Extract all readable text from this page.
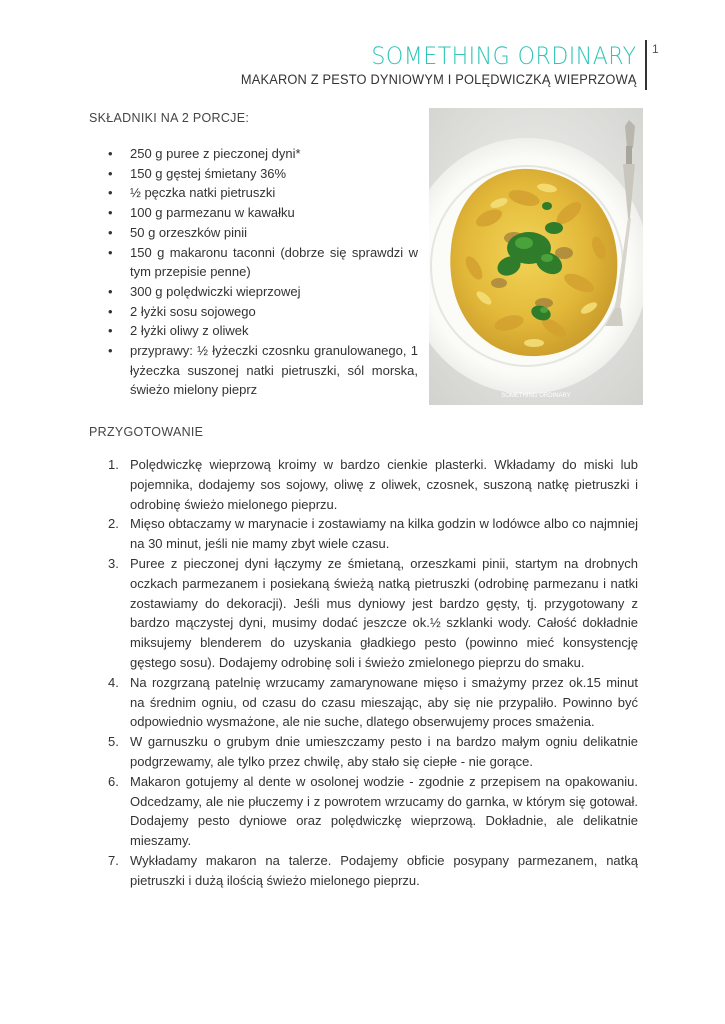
SOMETHING ORDINARY
MAKARON Z PESTO DYNIOWYM I POLĘDWICZKĄ WIEPRZOWĄ
1
SKŁADNIKI NA 2 PORCJE:
• 250 g puree z pieczonej dyni*
• 150 g gęstej śmietany 36%
• ½ pęczka natki pietruszki
• 100 g parmezanu w kawałku
• 50 g orzeszków pinii
• 150 g makaronu taconni (dobrze się sprawdzi w tym przepisie penne)
• 300 g polędwiczki wieprzowej
• 2 łyżki sosu sojowego
• 2 łyżki oliwy z oliwek
• przyprawy: ½ łyżeczki czosnku granulowanego, 1 łyżeczka suszonej natki pietruszki, sól morska, świeżo mielony pieprz	SOMETHING ORDINARY
PRZYGOTOWANIE
1. Polędwiczkę wieprzową kroimy w bardzo cienkie plasterki. Wkładamy do miski lub pojemnika, dodajemy sos sojowy, oliwę z oliwek, czosnek, suszoną natkę pietruszki i odrobinę świeżo mielonego pieprzu.
2. Mięso obtaczamy w marynacie i zostawiamy na kilka godzin w lodówce albo co najmniej na 30 minut, jeśli nie mamy zbyt wiele czasu.
3. Puree z pieczonej dyni łączymy ze śmietaną, orzeszkami pinii, startym na drobnych oczkach parmezanem i posiekaną świeżą natką pietruszki (odrobinę parmezanu i natki zostawiamy do dekoracji). Jeśli mus dyniowy jest bardzo gęsty, tj. przygotowany z bardzo mączystej dyni, musimy dodać jeszcze ok.½ szklanki wody. Całość dokładnie miksujemy blenderem do uzyskania gładkiego pesto (powinno mieć konsystencję gęstego sosu). Dodajemy odrobinę soli i świeżo zmielonego pieprzu do smaku.
4. Na rozgrzaną patelnię wrzucamy zamarynowane mięso i smażymy przez ok.15 minut na średnim ogniu, od czasu do czasu mieszając, aby się nie przypaliło. Powinno być odpowiednio wysmażone, ale nie suche, dlatego obserwujemy proces smażenia.
5. W garnuszku o grubym dnie umieszczamy pesto i na bardzo małym ogniu delikatnie podgrzewamy, ale tylko przez chwilę, aby stało się ciepłe - nie gorące.
6. Makaron gotujemy al dente w osolonej wodzie - zgodnie z przepisem na opakowaniu. Odcedzamy, ale nie płuczemy i z powrotem wrzucamy do garnka, w którym się gotował. Dodajemy pesto dyniowe oraz polędwiczkę wieprzową. Dokładnie, ale delikatnie mieszamy.
7. Wykładamy makaron na talerze. Podajemy obficie posypany parmezanem, natką pietruszki i dużą ilością świeżo mielonego pieprzu.
